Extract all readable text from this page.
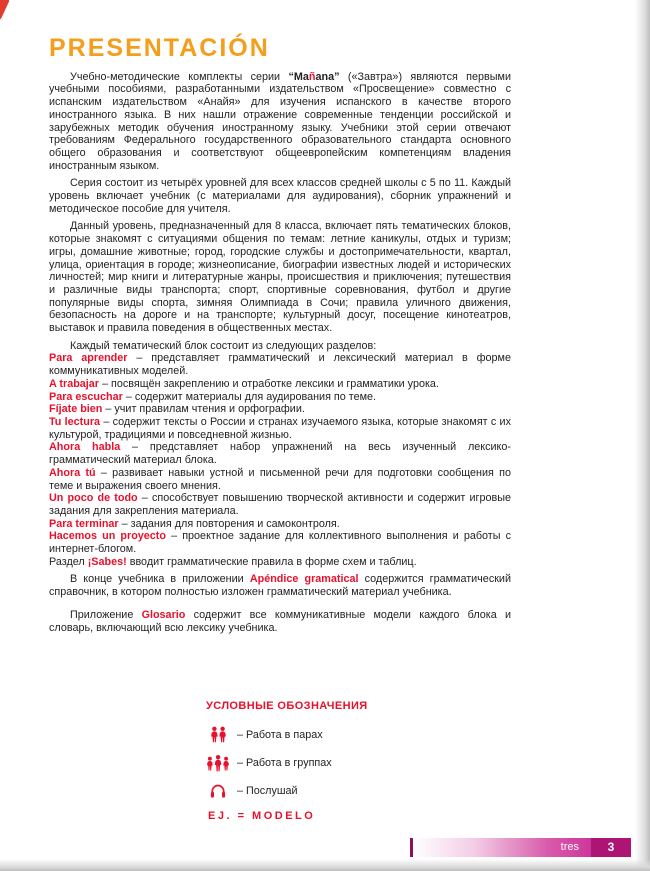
PRESENTACIÓN

Учебно-методические комплекты серии “Mañana” («Завтра») являются первыми учебными пособиями, разработанными издательством «Просвещение» совместно с испанским издательством «Анайя» для изучения испанского в качестве второго иностранного языка. В них нашли отражение современные тенденции российской и зарубежных методик обучения иностранному языку. Учебники этой серии отвечают требованиям Федерального государственного образовательного стандарта основного общего образования и соответствуют общеевропейским компетенциям владения иностранным языком.

Серия состоит из четырёх уровней для всех классов средней школы с 5 по 11. Каждый уровень включает учебник (с материалами для аудирования), сборник упражнений и методическое пособие для учителя.

Данный уровень, предназначенный для 8 класса, включает пять тематических блоков, которые знакомят с ситуациями общения по темам: летние каникулы, отдых и туризм; игры, домашние животные; город, городские службы и достопримечательности, квартал, улица, ориентация в городе; жизнеописание, биографии известных людей и исторических личностей; мир книги и литературные жанры, происшествия и приключения; путешествия и различные виды транспорта; спорт, спортивные соревнования, футбол и другие популярные виды спорта, зимняя Олимпиада в Сочи; правила уличного движения, безопасность на дороге и на транспорте; культурный досуг, посещение кинотеатров, выставок и правила поведения в общественных местах.

Каждый тематический блок состоит из следующих разделов:

Para aprender – представляет грамматический и лексический материал в форме коммуникативных моделей.

A trabajar – посвящён закреплению и отработке лексики и грамматики урока.

Para escuchar – содержит материалы для аудирования по теме.

Fíjate bien – учит правилам чтения и орфографии.

Tu lectura – содержит тексты о России и странах изучаемого языка, которые знакомят с их культурой, традициями и повседневной жизнью.

Ahora habla – представляет набор упражнений на весь изученный лексико-грамматический материал блока.

Ahora tú – развивает навыки устной и письменной речи для подготовки сообщения по теме и выражения своего мнения.

Un poco de todo – способствует повышению творческой активности и содержит игровые задания для закрепления материала.

Para terminar – задания для повторения и самоконтроля.

Hacemos un proyecto – проектное задание для коллективного выполнения и работы с интернет-блогом.

Раздел ¡Sabes! вводит грамматические правила в форме схем и таблиц.

В конце учебника в приложении Apéndice gramatical содержится грамматический справочник, в котором полностью изложен грамматический материал учебника.

Приложение Glosario содержит все коммуникативные модели каждого блока и словарь, включающий всю лексику учебника.

УСЛОВНЫЕ ОБОЗНАЧЕНИЯ
– Работа в парах
– Работа в группах
– Послушай
EJ. = MODELO
tres	3
